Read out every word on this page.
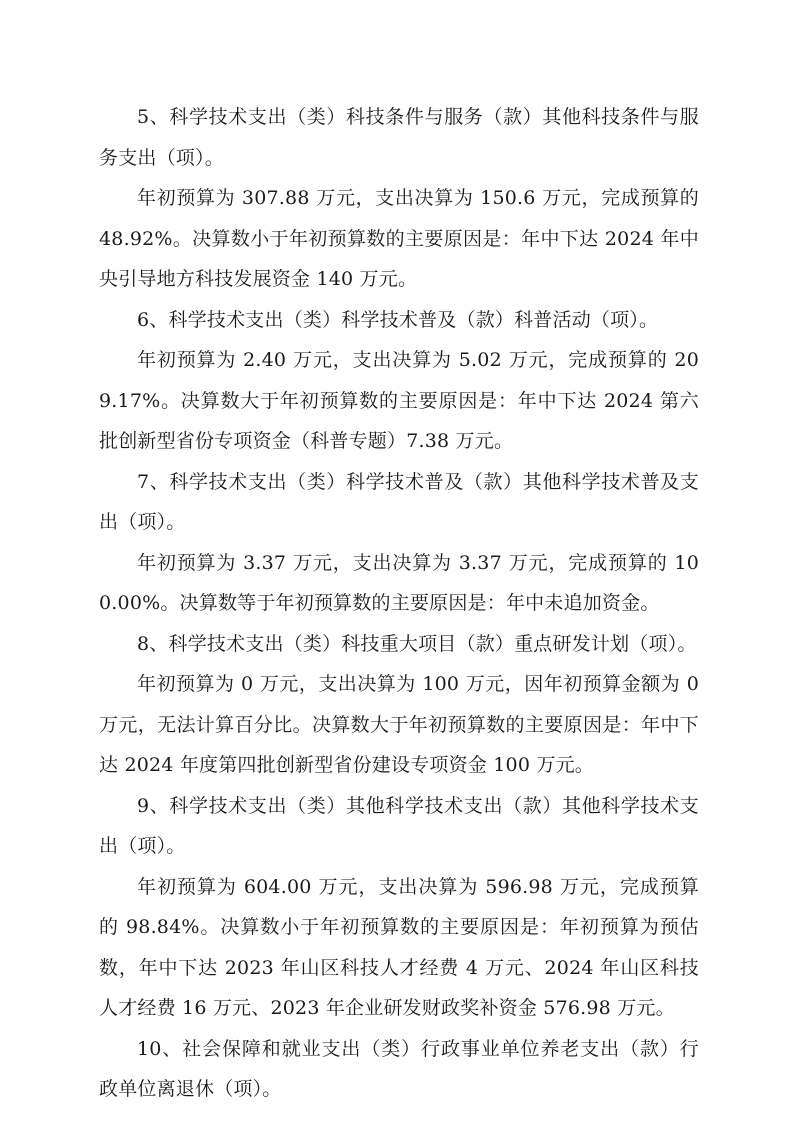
5、科学技术支出（类）科技条件与服务（款）其他科技条件与服务支出（项）。

年初预算为 307.88 万元，支出决算为 150.6 万元，完成预算的 48.92%。决算数小于年初预算数的主要原因是：年中下达 2024 年中央引导地方科技发展资金 140 万元。

6、科学技术支出（类）科学技术普及（款）科普活动（项）。

年初预算为 2.40 万元，支出决算为 5.02 万元，完成预算的 209.17%。决算数大于年初预算数的主要原因是：年中下达 2024 第六批创新型省份专项资金（科普专题）7.38 万元。

7、科学技术支出（类）科学技术普及（款）其他科学技术普及支出（项）。

年初预算为 3.37 万元，支出决算为 3.37 万元，完成预算的 100.00%。决算数等于年初预算数的主要原因是：年中未追加资金。

8、科学技术支出（类）科技重大项目（款）重点研发计划（项）。

年初预算为 0 万元，支出决算为 100 万元，因年初预算金额为 0 万元，无法计算百分比。决算数大于年初预算数的主要原因是：年中下达 2024 年度第四批创新型省份建设专项资金 100 万元。

9、科学技术支出（类）其他科学技术支出（款）其他科学技术支出（项）。

年初预算为 604.00 万元，支出决算为 596.98 万元，完成预算的 98.84%。决算数小于年初预算数的主要原因是：年初预算为预估数，年中下达 2023 年山区科技人才经费 4 万元、2024 年山区科技人才经费 16 万元、2023 年企业研发财政奖补资金 576.98 万元。

10、社会保障和就业支出（类）行政事业单位养老支出（款）行政单位离退休（项）。
